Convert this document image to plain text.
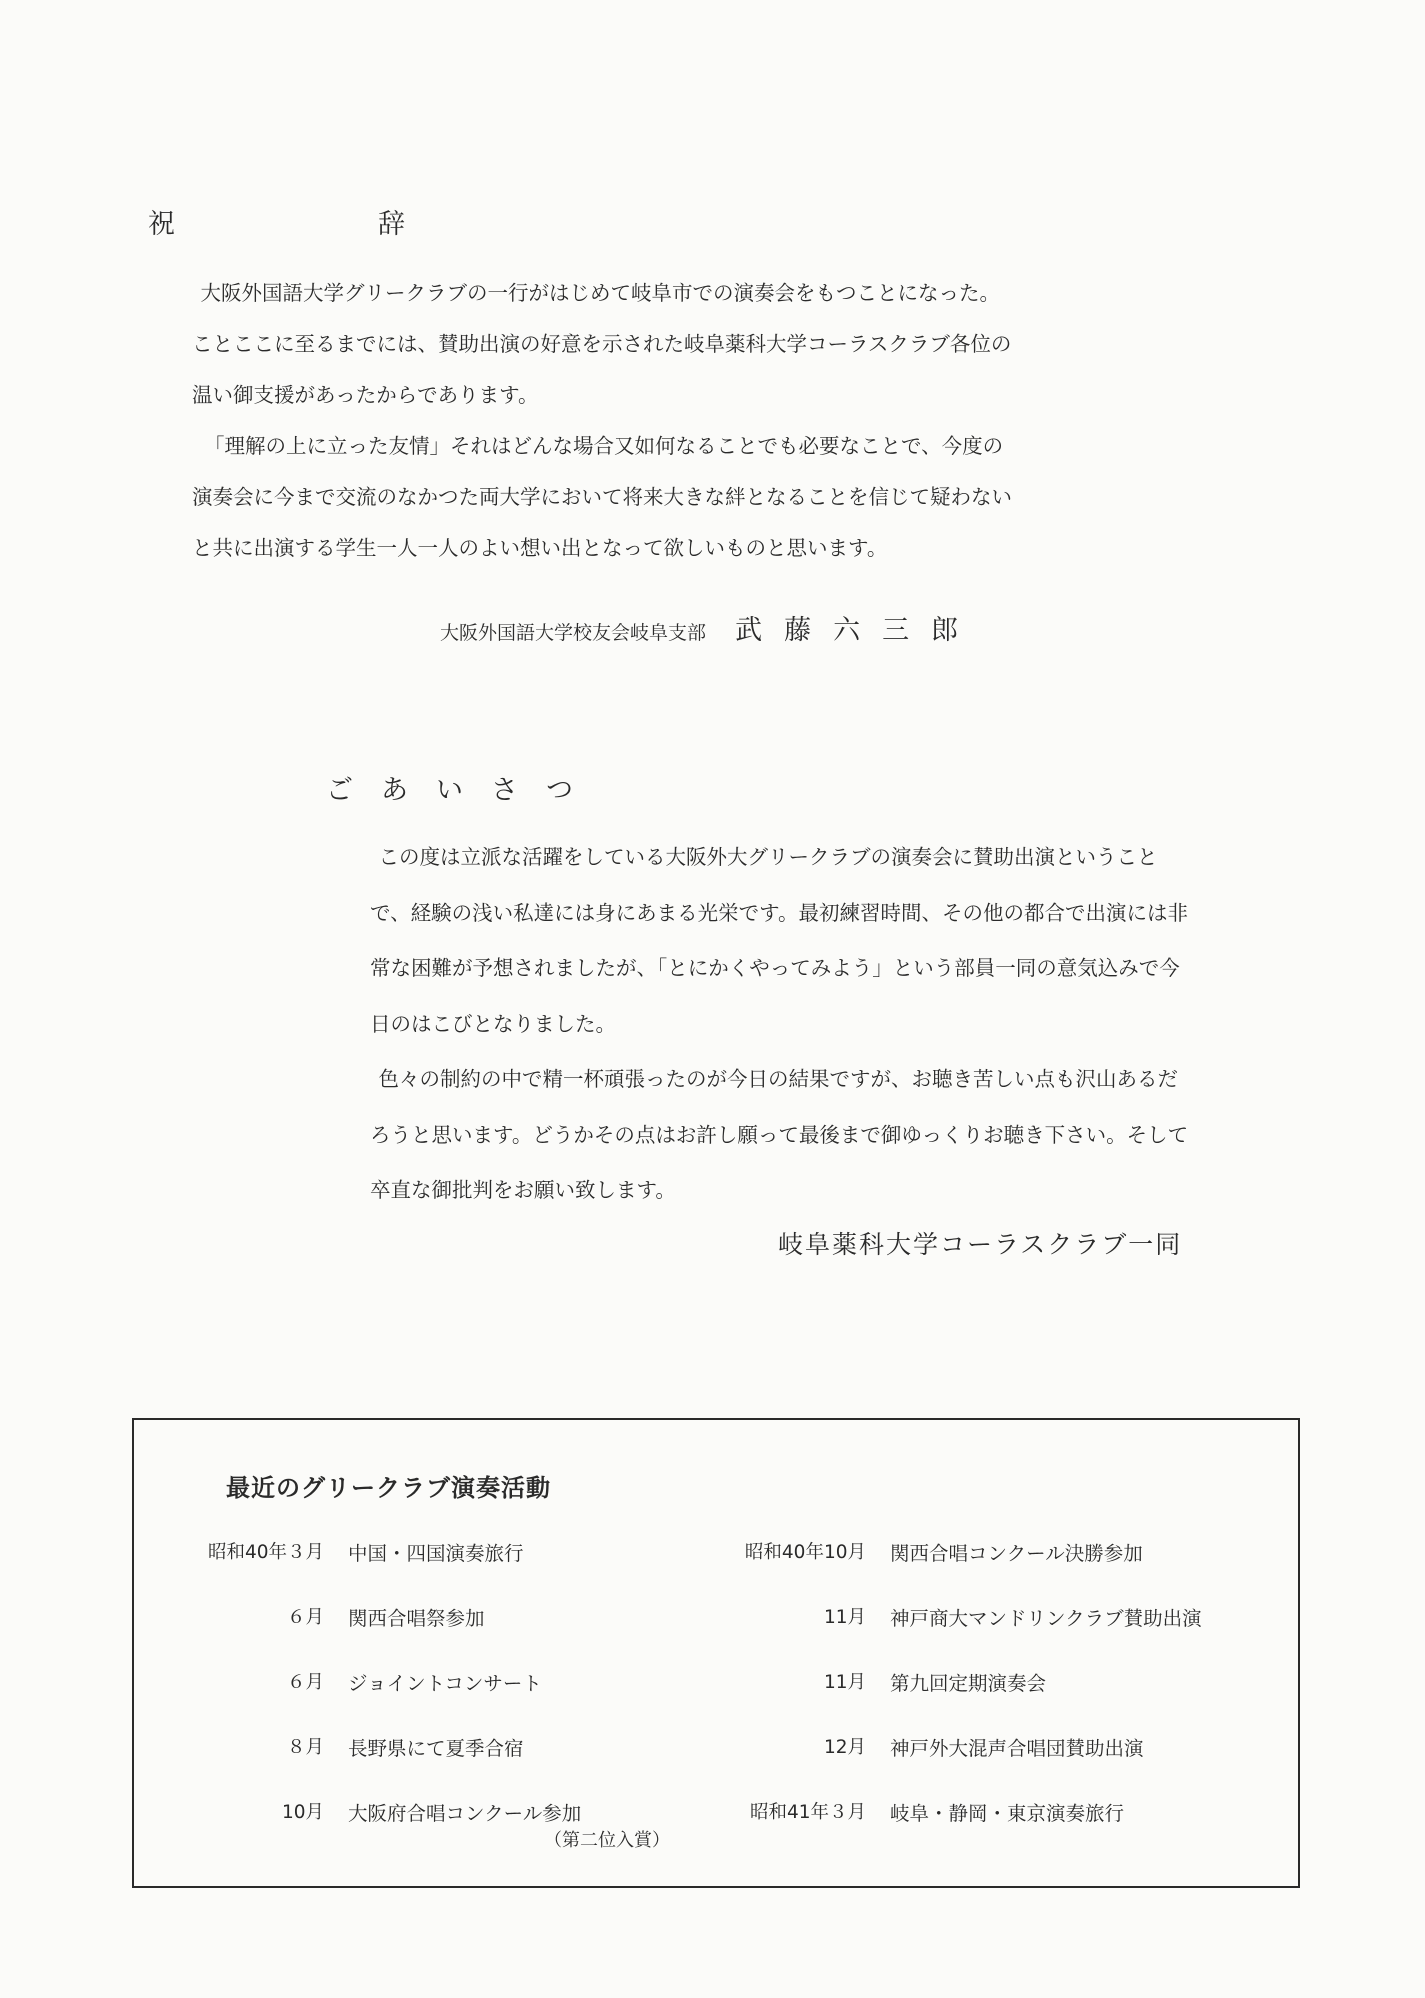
祝	辞

　大阪外国語大学グリークラブの一行がはじめて岐阜市での演奏会をもつことになった。

ことここに至るまでには、賛助出演の好意を示された岐阜薬科大学コーラスクラブ各位の

温い御支援があったからであります。

「理解の上に立った友情」それはどんな場合又如何なることでも必要なことで、今度の

演奏会に今まで交流のなかつた両大学において将来大きな絆となることを信じて疑わない

と共に出演する学生一人一人のよい想い出となって欲しいものと思います。

大阪外国語大学校友会岐阜支部 武藤六三郎
ごあいさつ

　この度は立派な活躍をしている大阪外大グリークラブの演奏会に賛助出演ということ

で、経験の浅い私達には身にあまる光栄です。最初練習時間、その他の都合で出演には非

常な困難が予想されましたが、「とにかくやってみよう」という部員一同の意気込みで今

日のはこびとなりました。

　色々の制約の中で精一杯頑張ったのが今日の結果ですが、お聴き苦しい点も沢山あるだ

ろうと思います。どうかその点はお許し願って最後まで御ゆっくりお聴き下さい。そして

卒直な御批判をお願い致します。

岐阜薬科大学コーラスクラブ一同
最近のグリークラブ演奏活動
昭和40年３月 中国・四国演奏旅行
６月 関西合唱祭参加
６月 ジョイントコンサート
８月 長野県にて夏季合宿
10月 大阪府合唱コンクール参加
（第二位入賞）
昭和40年10月 関西合唱コンクール決勝参加
11月 神戸商大マンドリンクラブ賛助出演
11月 第九回定期演奏会
12月 神戸外大混声合唱団賛助出演
昭和41年３月 岐阜・静岡・東京演奏旅行
